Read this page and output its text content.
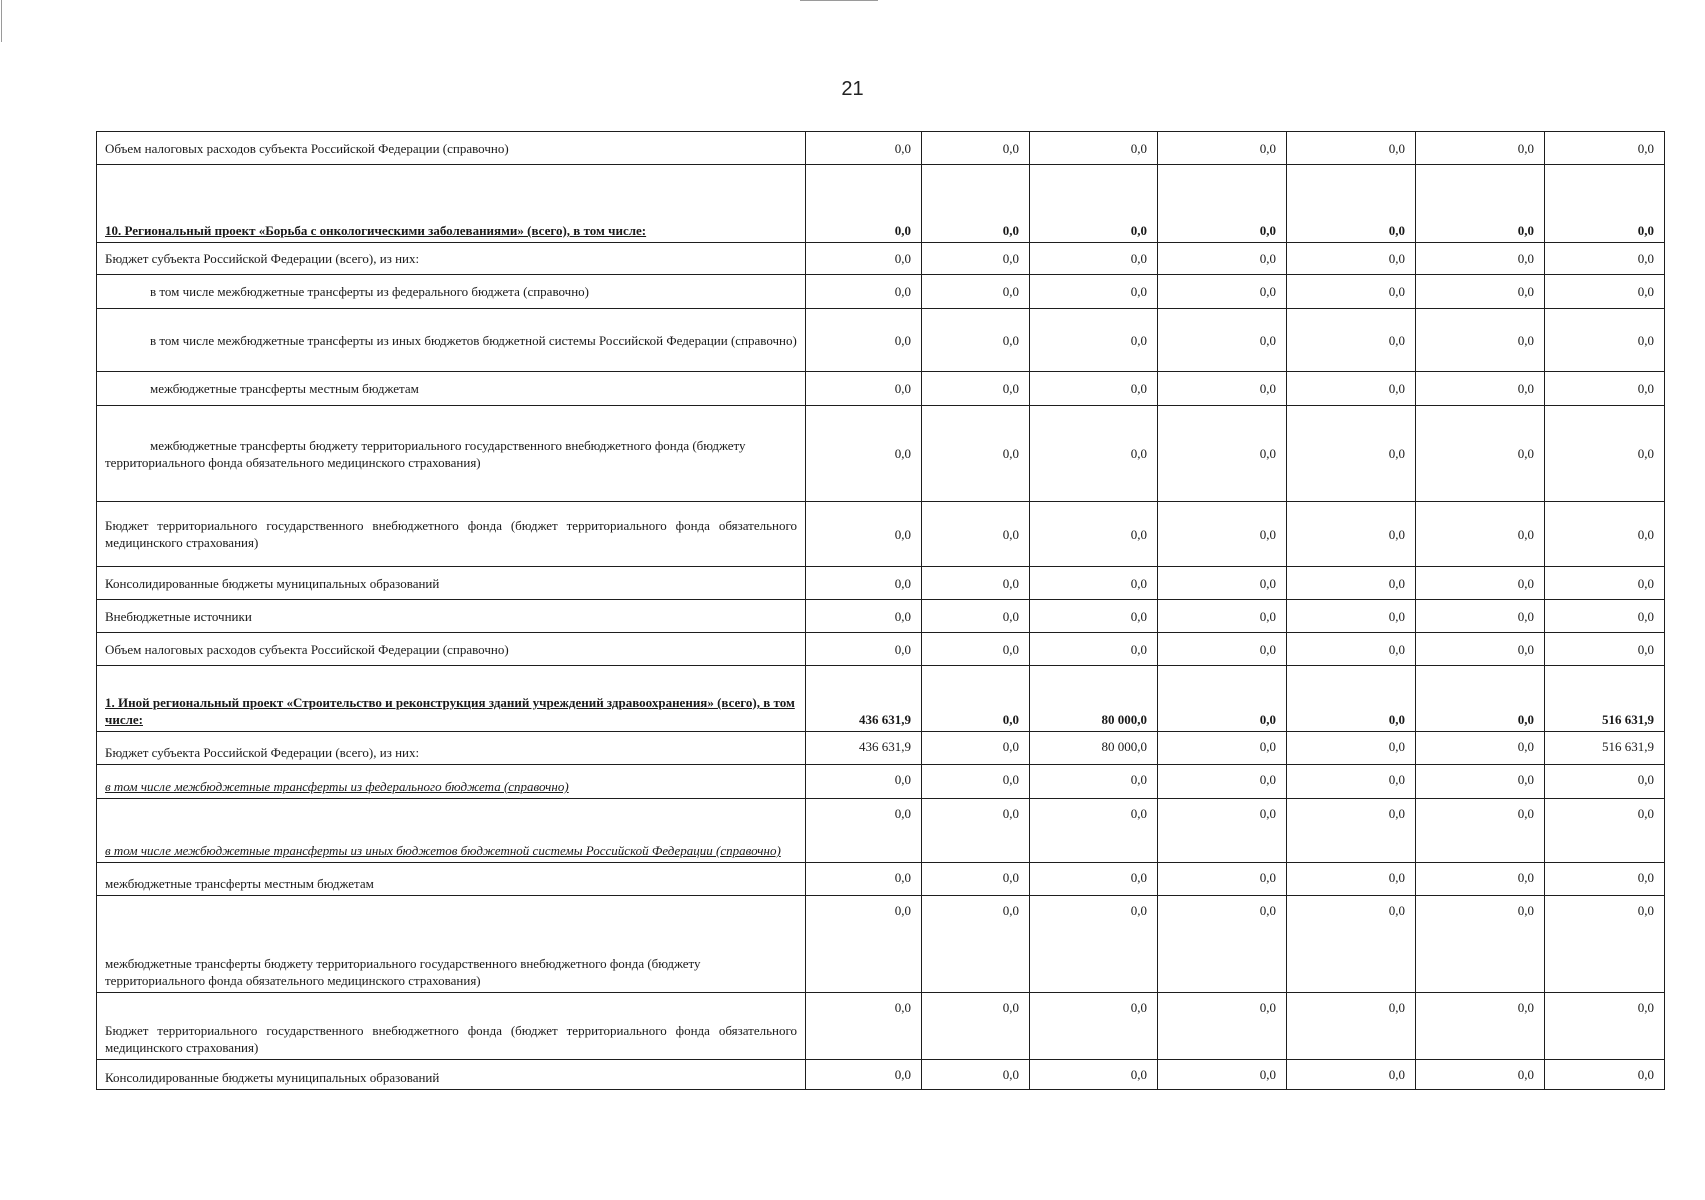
21
Объем налоговых расходов субъекта Российской Федерации (справочно)	0,0	0,0	0,0	0,0	0,0	0,0	0,0
10. Региональный проект «Борьба с онкологическими заболеваниями» (всего), в том числе:	0,0	0,0	0,0	0,0	0,0	0,0	0,0
Бюджет субъекта Российской Федерации (всего), из них:	0,0	0,0	0,0	0,0	0,0	0,0	0,0
в том числе межбюджетные трансферты из федерального бюджета (справочно)	0,0	0,0	0,0	0,0	0,0	0,0	0,0
в том числе межбюджетные трансферты из иных бюджетов бюджетной системы Российской Федерации (справочно)	0,0	0,0	0,0	0,0	0,0	0,0	0,0
межбюджетные трансферты местным бюджетам	0,0	0,0	0,0	0,0	0,0	0,0	0,0
межбюджетные трансферты бюджету территориального государственного внебюджетного фонда (бюджету территориального фонда обязательного медицинского страхования)	0,0	0,0	0,0	0,0	0,0	0,0	0,0
Бюджет территориального государственного внебюджетного фонда (бюджет территориального фонда обязательного медицинского страхования)	0,0	0,0	0,0	0,0	0,0	0,0	0,0
Консолидированные бюджеты муниципальных образований	0,0	0,0	0,0	0,0	0,0	0,0	0,0
Внебюджетные источники	0,0	0,0	0,0	0,0	0,0	0,0	0,0
Объем налоговых расходов субъекта Российской Федерации (справочно)	0,0	0,0	0,0	0,0	0,0	0,0	0,0
1. Иной региональный проект «Строительство и реконструкция зданий учреждений здравоохранения» (всего), в том числе:	436 631,9	0,0	80 000,0	0,0	0,0	0,0	516 631,9
Бюджет субъекта Российской Федерации (всего), из них:	436 631,9	0,0	80 000,0	0,0	0,0	0,0	516 631,9
в том числе межбюджетные трансферты из федерального бюджета (справочно)	0,0	0,0	0,0	0,0	0,0	0,0	0,0
в том числе межбюджетные трансферты из иных бюджетов бюджетной системы Российской Федерации (справочно)	0,0	0,0	0,0	0,0	0,0	0,0	0,0
межбюджетные трансферты местным бюджетам	0,0	0,0	0,0	0,0	0,0	0,0	0,0
межбюджетные трансферты бюджету территориального государственного внебюджетного фонда (бюджету территориального фонда обязательного медицинского страхования)	0,0	0,0	0,0	0,0	0,0	0,0	0,0
Бюджет территориального государственного внебюджетного фонда (бюджет территориального фонда обязательного медицинского страхования)	0,0	0,0	0,0	0,0	0,0	0,0	0,0
Консолидированные бюджеты муниципальных образований	0,0	0,0	0,0	0,0	0,0	0,0	0,0
